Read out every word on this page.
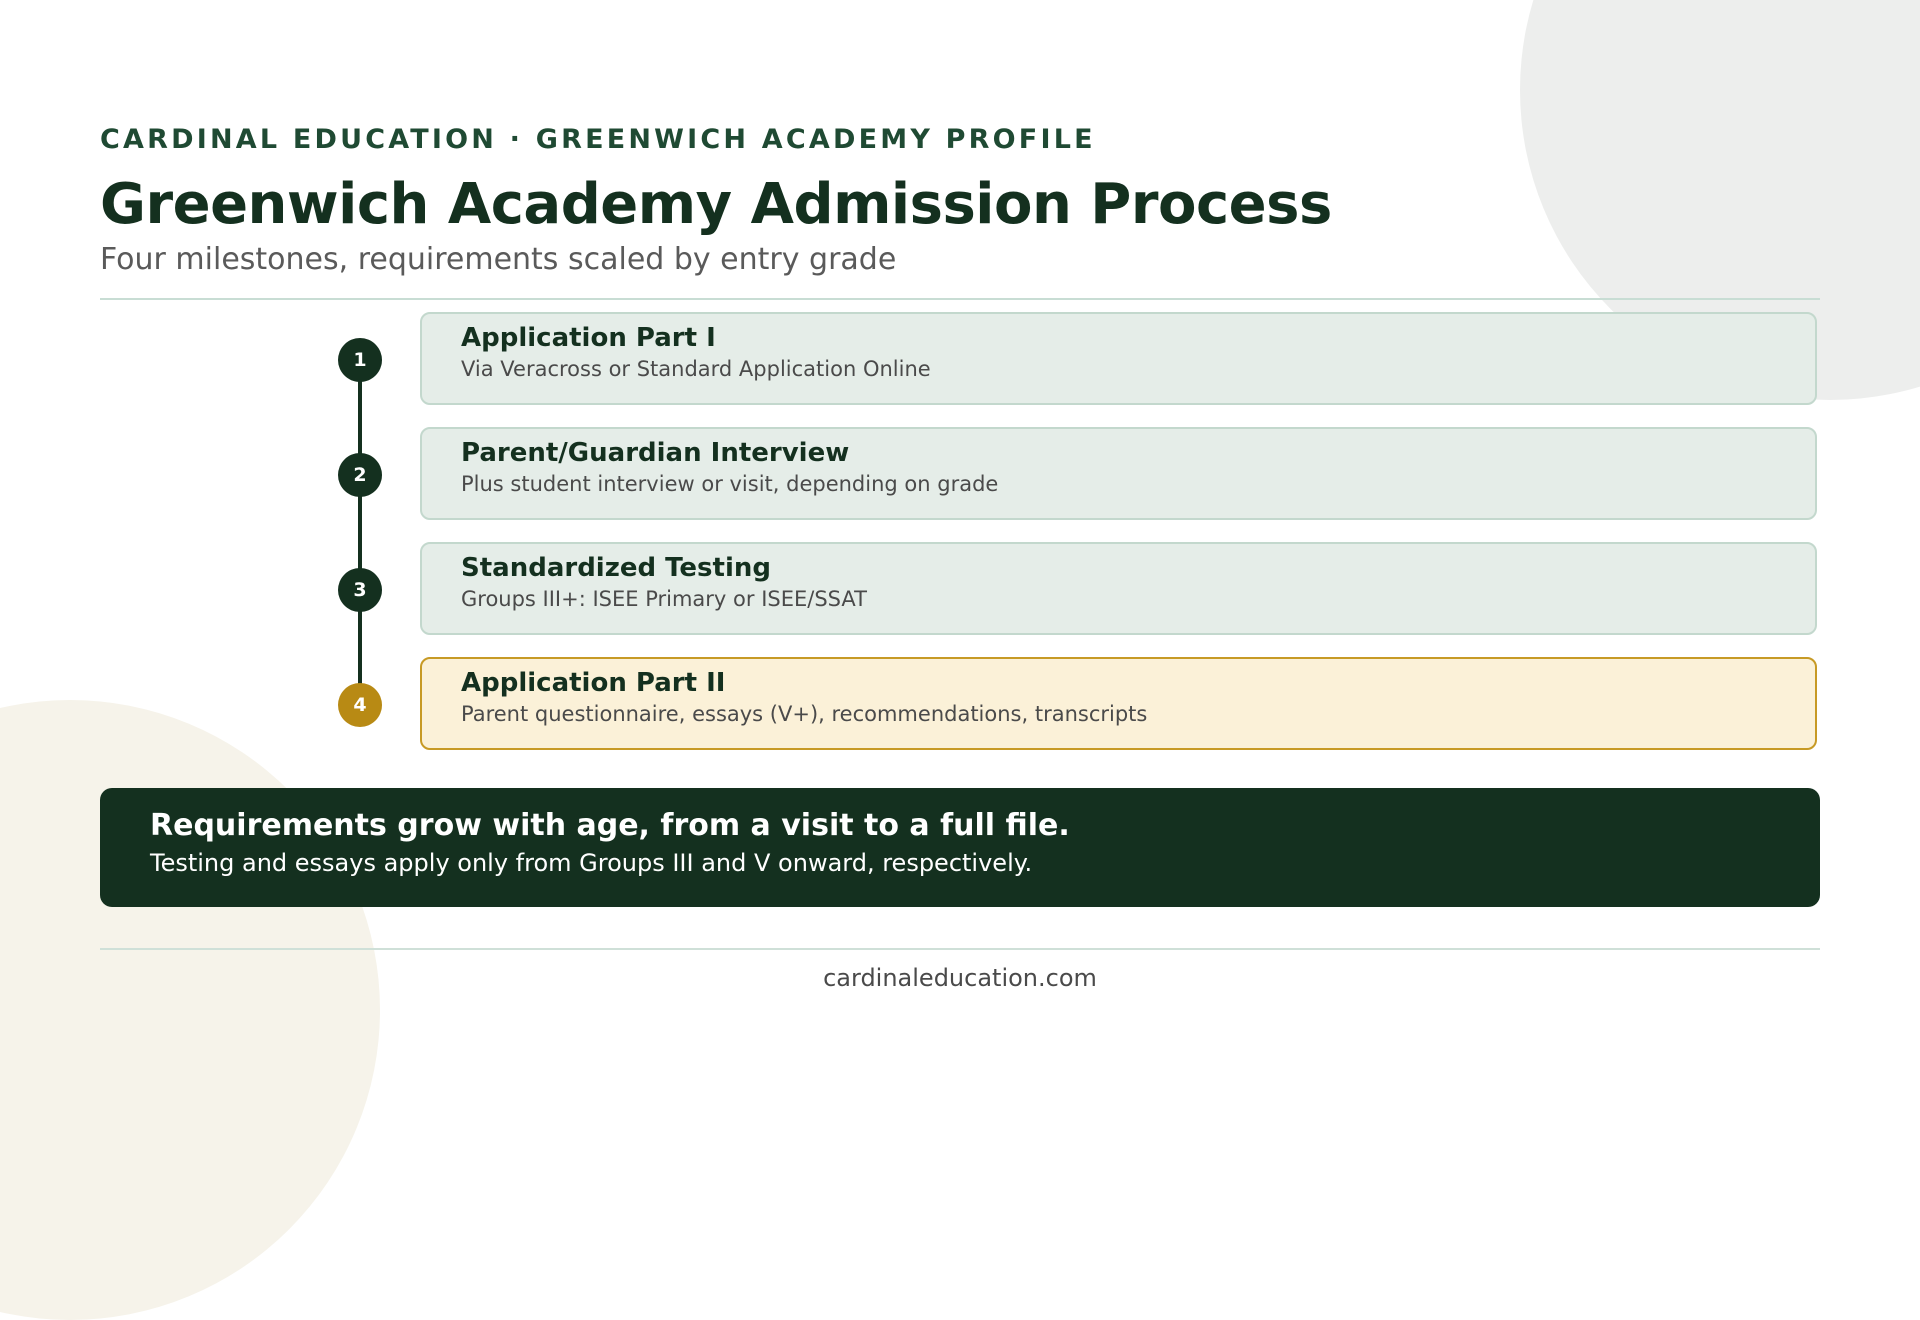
CARDINAL EDUCATION · GREENWICH ACADEMY PROFILE
Greenwich Academy Admission Process
Four milestones, requirements scaled by entry grade
1
Application Part I
Via Veracross or Standard Application Online
2
Parent/Guardian Interview
Plus student interview or visit, depending on grade
3
Standardized Testing
Groups III+: ISEE Primary or ISEE/SSAT
4
Application Part II
Parent questionnaire, essays (V+), recommendations, transcripts
Requirements grow with age, from a visit to a full file.
Testing and essays apply only from Groups III and V onward, respectively.
cardinaleducation.com
